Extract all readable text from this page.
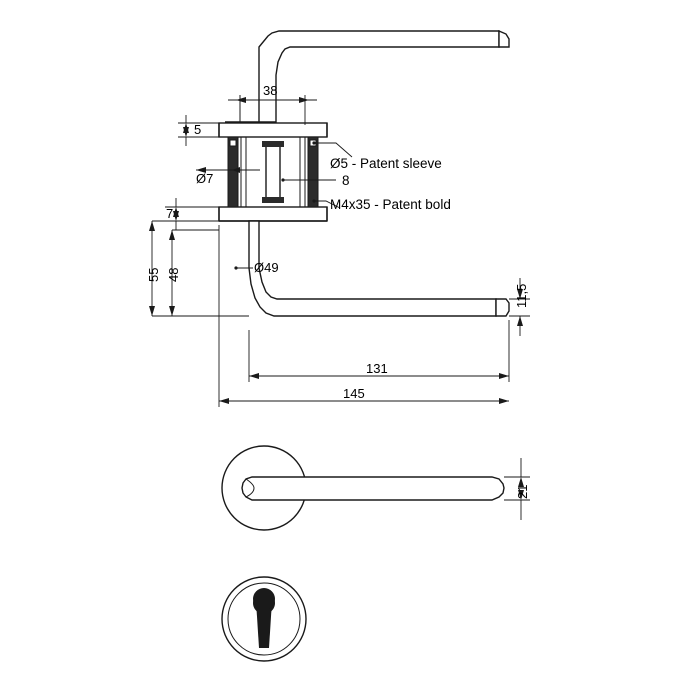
38
5
Ø7
7
55 48	Ø49
11,5
131
145
21
Ø5 - Patent sleeve
8
M4x35 - Patent bold
